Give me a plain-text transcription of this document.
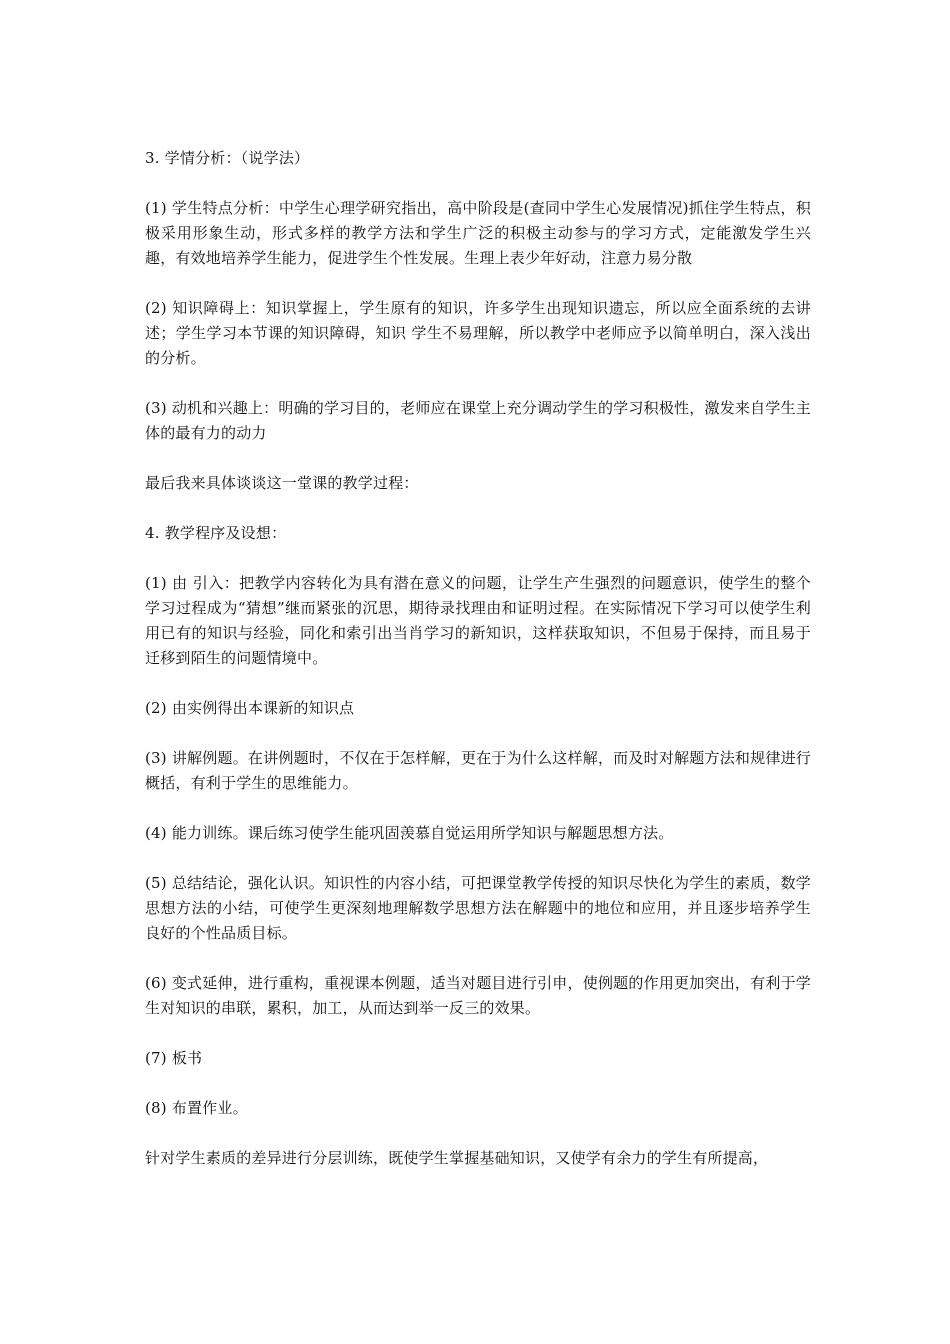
3. 学情分析：（说学法）

(1) 学生特点分析：中学生心理学研究指出，高中阶段是(查同中学生心发展情况)抓住学生特点，积极采用形象生动，形式多样的教学方法和学生广泛的积极主动参与的学习方式，定能激发学生兴趣，有效地培养学生能力，促进学生个性发展。生理上表少年好动，注意力易分散

(2) 知识障碍上：知识掌握上，学生原有的知识，许多学生出现知识遗忘，所以应全面系统的去讲述；学生学习本节课的知识障碍，知识 学生不易理解，所以教学中老师应予以简单明白，深入浅出的分析。

(3) 动机和兴趣上：明确的学习目的，老师应在课堂上充分调动学生的学习积极性，激发来自学生主体的最有力的动力

最后我来具体谈谈这一堂课的教学过程：

4. 教学程序及设想：

(1) 由 引入：把教学内容转化为具有潜在意义的问题，让学生产生强烈的问题意识，使学生的整个学习过程成为“猜想”继而紧张的沉思，期待录找理由和证明过程。在实际情况下学习可以使学生利用已有的知识与经验，同化和索引出当肖学习的新知识，这样获取知识，不但易于保持，而且易于迁移到陌生的问题情境中。

(2) 由实例得出本课新的知识点

(3) 讲解例题。在讲例题时，不仅在于怎样解，更在于为什么这样解，而及时对解题方法和规律进行概括，有利于学生的思维能力。

(4) 能力训练。课后练习使学生能巩固羡慕自觉运用所学知识与解题思想方法。

(5) 总结结论，强化认识。知识性的内容小结，可把课堂教学传授的知识尽快化为学生的素质，数学思想方法的小结，可使学生更深刻地理解数学思想方法在解题中的地位和应用，并且逐步培养学生良好的个性品质目标。

(6) 变式延伸，进行重构，重视课本例题，适当对题目进行引申，使例题的作用更加突出，有利于学生对知识的串联，累积，加工，从而达到举一反三的效果。

(7) 板书

(8) 布置作业。

针对学生素质的差异进行分层训练，既使学生掌握基础知识，又使学有余力的学生有所提高，
